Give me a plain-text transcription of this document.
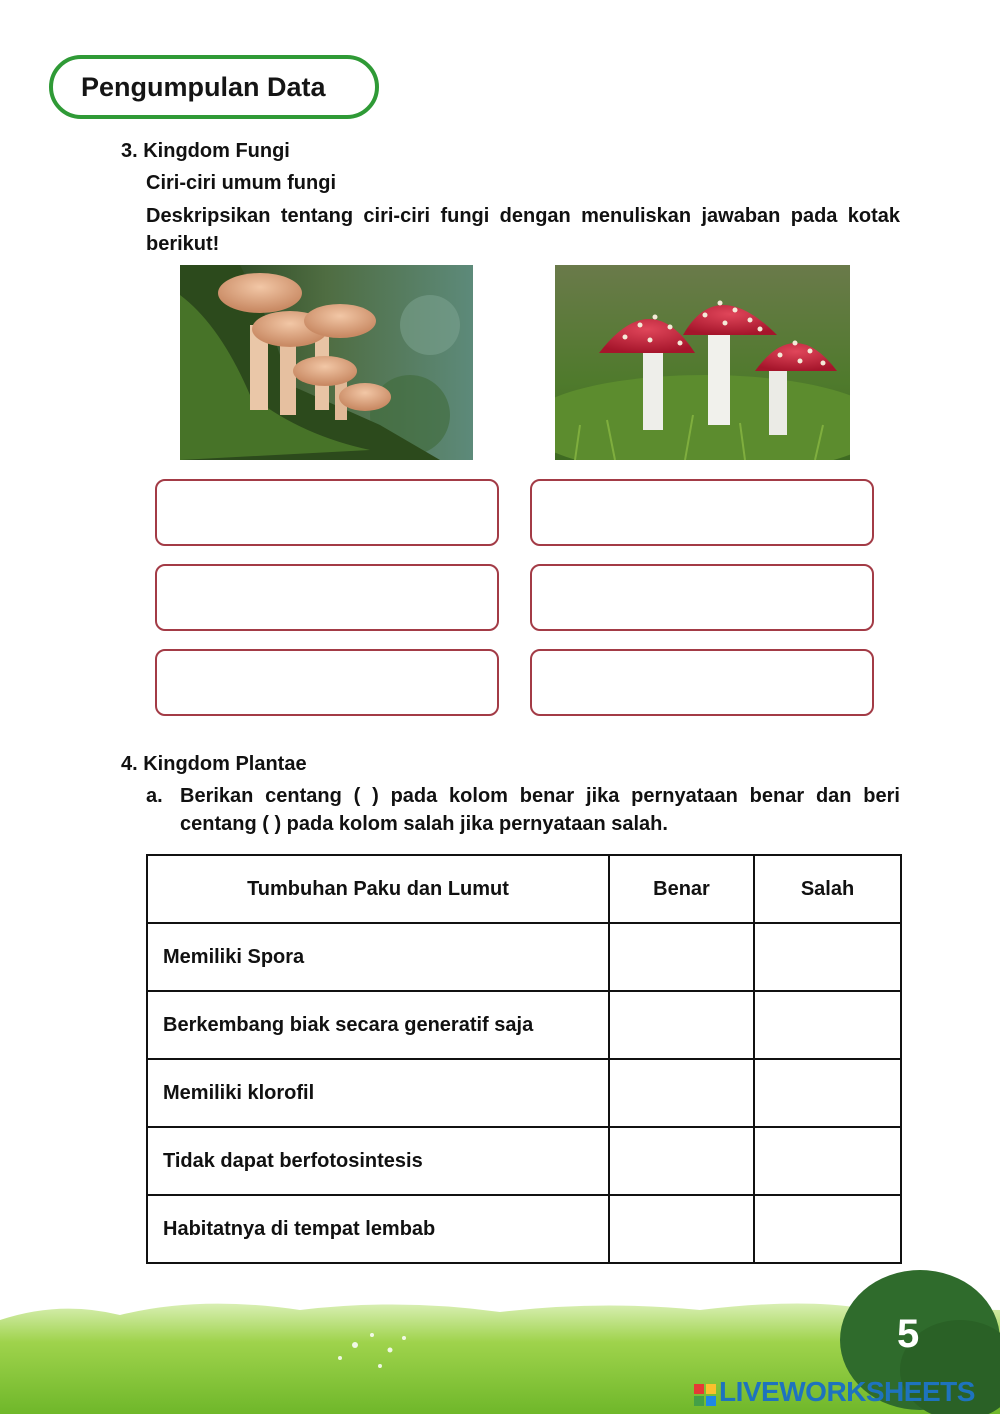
Pengumpulan Data
3. Kingdom Fungi
Ciri-ciri umum fungi
Deskripsikan tentang ciri-ciri fungi dengan menuliskan jawaban pada kotak berikut!
4. Kingdom Plantae
a. Berikan centang ( ) pada kolom benar jika pernyataan benar dan beri centang ( ) pada kolom salah jika pernyataan salah.
Tumbuhan Paku dan Lumut	Benar	Salah
Memiliki Spora		
Berkembang biak secara generatif saja		
Memiliki klorofil		
Tidak dapat berfotosintesis		
Habitatnya di tempat lembab		
5
LIVEWORKSHEETS
